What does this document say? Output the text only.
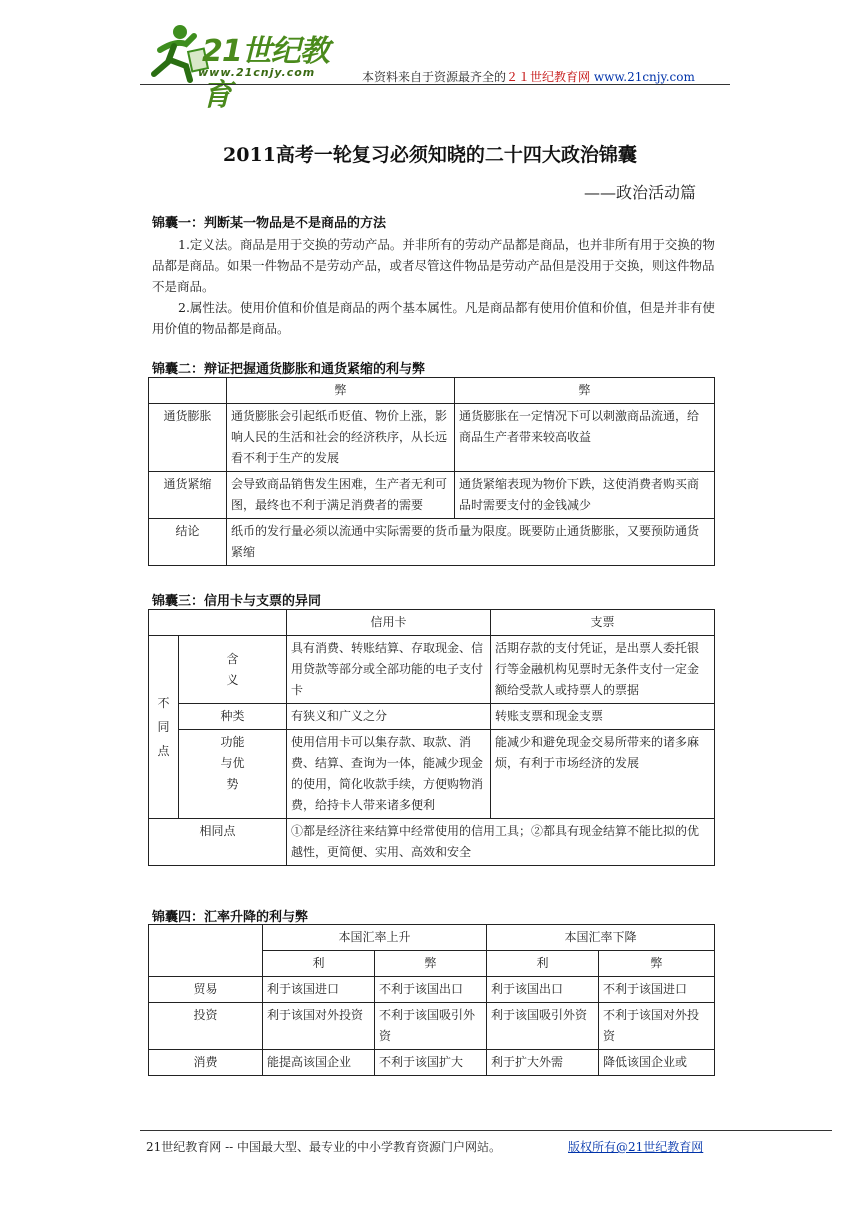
21世纪教育
www.21cnjy.com	本资料来自于资源最齐全的２１世纪教育网 www.21cnjy.com
2011高考一轮复习必须知晓的二十四大政治锦囊
——政治活动篇
锦囊一：判断某一物品是不是商品的方法

1.定义法。商品是用于交换的劳动产品。并非所有的劳动产品都是商品，也并非所有用于交换的物品都是商品。如果一件物品不是劳动产品，或者尽管这件物品是劳动产品但是没用于交换，则这件物品不是商品。

2.属性法。使用价值和价值是商品的两个基本属性。凡是商品都有使用价值和价值，但是并非有使用价值的物品都是商品。

锦囊二：辩证把握通货膨胀和通货紧缩的利与弊
	弊	弊
通货膨胀	通货膨胀会引起纸币贬值、物价上涨，影响人民的生活和社会的经济秩序，从长远看不利于生产的发展	通货膨胀在一定情况下可以刺激商品流通，给商品生产者带来较高收益
通货紧缩	会导致商品销售发生困难，生产者无利可图，最终也不利于满足消费者的需要	通货紧缩表现为物价下跌，这使消费者购买商品时需要支付的金钱减少
结论	纸币的发行量必须以流通中实际需要的货币量为限度。既要防止通货膨胀，又要预防通货紧缩	
锦囊三：信用卡与支票的异同
		信用卡	支票
不同点	含义	具有消费、转账结算、存取现金、信用贷款等部分或全部功能的电子支付卡	活期存款的支付凭证，是出票人委托银行等金融机构见票时无条件支付一定金额给受款人或持票人的票据
	种类	有狭义和广义之分	转账支票和现金支票
	功能与优势	使用信用卡可以集存款、取款、消费、结算、查询为一体，能减少现金的使用，简化收款手续，方便购物消费，给持卡人带来诸多便利	能减少和避免现金交易所带来的诸多麻烦，有利于市场经济的发展
相同点		①都是经济往来结算中经常使用的信用工具；②都具有现金结算不能比拟的优越性，更简便、实用、高效和安全	
锦囊四：汇率升降的利与弊
	本国汇率上升		本国汇率下降	
	利	弊	利	弊
贸易	利于该国进口	不利于该国出口	利于该国出口	不利于该国进口
投资	利于该国对外投资	不利于该国吸引外资	利于该国吸引外资	不利于该国对外投资
消费	能提高该国企业	不利于该国扩大	利于扩大外需	降低该国企业或
21世纪教育网 -- 中国最大型、最专业的中小学教育资源门户网站。	版权所有@21世纪教育网
